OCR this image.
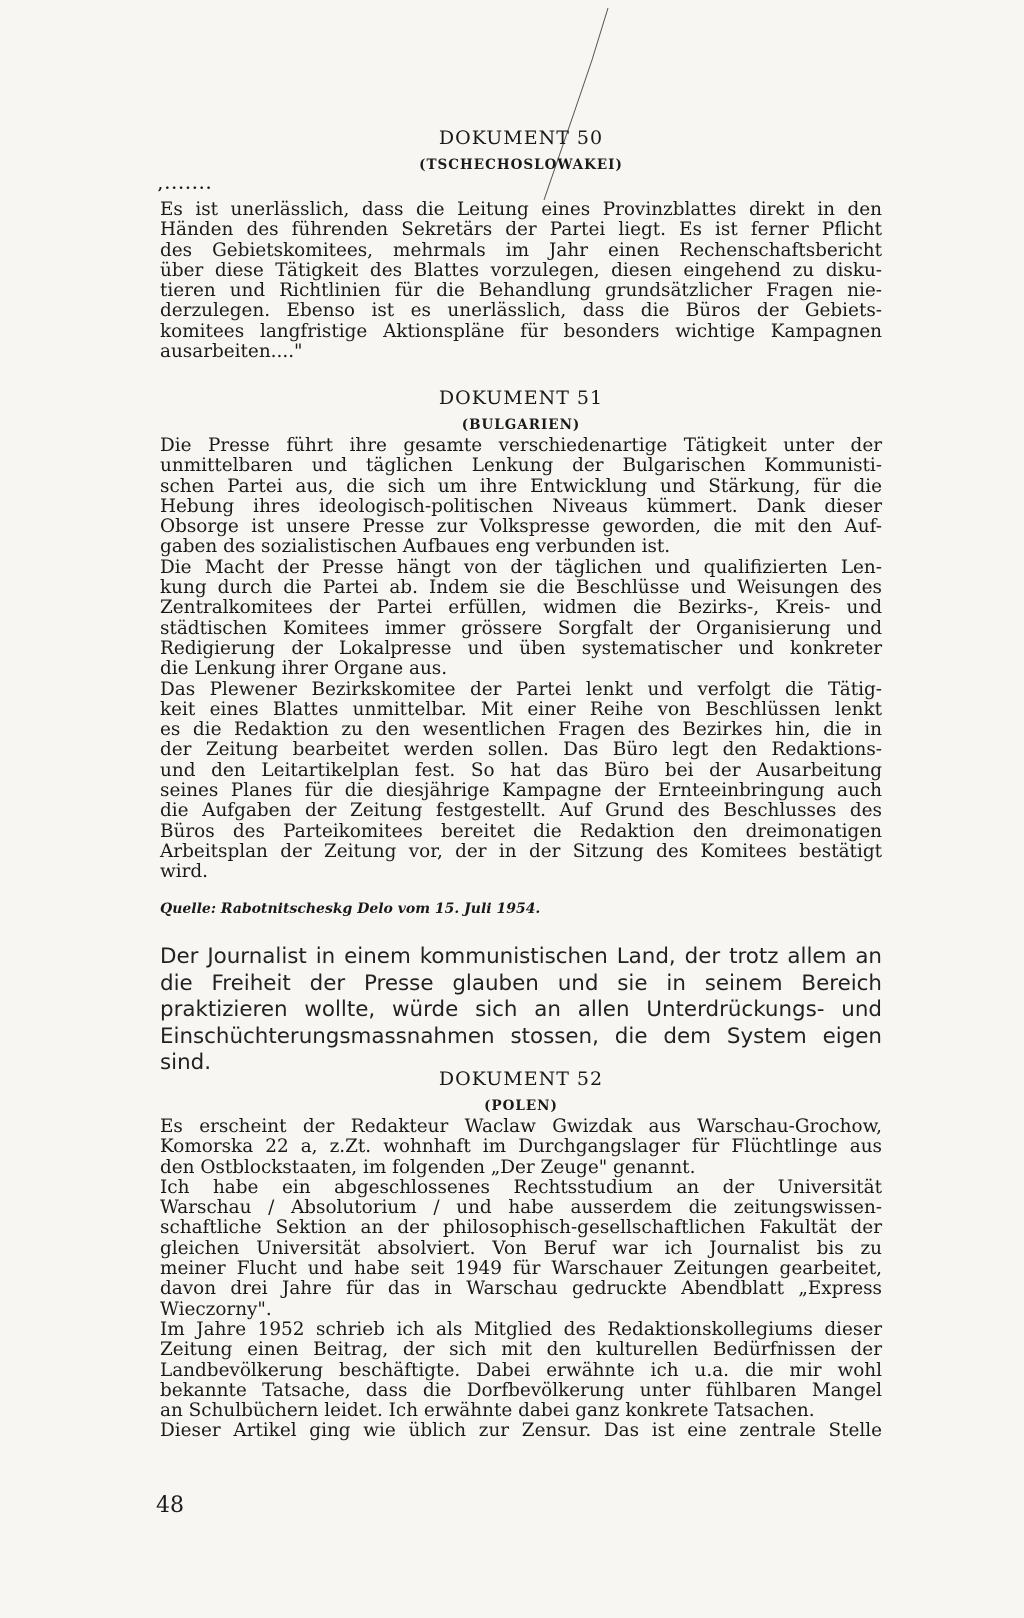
DOKUMENT 50
(TSCHECHOSLOWAKEI)
,.......
Es ist unerlässlich, dass die Leitung eines Provinzblattes direkt in den
Händen des führenden Sekretärs der Partei liegt. Es ist ferner Pflicht
des Gebietskomitees, mehrmals im Jahr einen Rechenschaftsbericht
über diese Tätigkeit des Blattes vorzulegen, diesen eingehend zu disku-
tieren und Richtlinien für die Behandlung grundsätzlicher Fragen nie-
derzulegen. Ebenso ist es unerlässlich, dass die Büros der Gebiets-
komitees langfristige Aktionspläne für besonders wichtige Kampagnen
ausarbeiten...."
DOKUMENT 51
(BULGARIEN)
Die Presse führt ihre gesamte verschiedenartige Tätigkeit unter der
unmittelbaren und täglichen Lenkung der Bulgarischen Kommunisti-
schen Partei aus, die sich um ihre Entwicklung und Stärkung, für die
Hebung ihres ideologisch-politischen Niveaus kümmert. Dank dieser
Obsorge ist unsere Presse zur Volkspresse geworden, die mit den Auf-
gaben des sozialistischen Aufbaues eng verbunden ist.
Die Macht der Presse hängt von der täglichen und qualifizierten Len-
kung durch die Partei ab. Indem sie die Beschlüsse und Weisungen des
Zentralkomitees der Partei erfüllen, widmen die Bezirks-, Kreis- und
städtischen Komitees immer grössere Sorgfalt der Organisierung und
Redigierung der Lokalpresse und üben systematischer und konkreter
die Lenkung ihrer Organe aus.
Das Plewener Bezirkskomitee der Partei lenkt und verfolgt die Tätig-
keit eines Blattes unmittelbar. Mit einer Reihe von Beschlüssen lenkt
es die Redaktion zu den wesentlichen Fragen des Bezirkes hin, die in
der Zeitung bearbeitet werden sollen. Das Büro legt den Redaktions-
und den Leitartikelplan fest. So hat das Büro bei der Ausarbeitung
seines Planes für die diesjährige Kampagne der Ernteeinbringung auch
die Aufgaben der Zeitung festgestellt. Auf Grund des Beschlusses des
Büros des Parteikomitees bereitet die Redaktion den dreimonatigen
Arbeitsplan der Zeitung vor, der in der Sitzung des Komitees bestätigt
wird.
Quelle: Rabotnitscheskg Delo vom 15. Juli 1954.

Der Journalist in einem kommunistischen Land, der trotz allem an die Freiheit der Presse glauben und sie in seinem Bereich praktizieren wollte, würde sich an allen Unterdrückungs- und Einschüchterungsmassnahmen stossen, die dem System eigen sind.

DOKUMENT 52
(POLEN)
Es erscheint der Redakteur Waclaw Gwizdak aus Warschau-Grochow,
Komorska 22 a, z.Zt. wohnhaft im Durchgangslager für Flüchtlinge aus
den Ostblockstaaten, im folgenden „Der Zeuge" genannt.
Ich habe ein abgeschlossenes Rechtsstudium an der Universität
Warschau / Absolutorium / und habe ausserdem die zeitungswissen-
schaftliche Sektion an der philosophisch-gesellschaftlichen Fakultät der
gleichen Universität absolviert. Von Beruf war ich Journalist bis zu
meiner Flucht und habe seit 1949 für Warschauer Zeitungen gearbeitet,
davon drei Jahre für das in Warschau gedruckte Abendblatt „Express
Wieczorny".
Im Jahre 1952 schrieb ich als Mitglied des Redaktionskollegiums dieser
Zeitung einen Beitrag, der sich mit den kulturellen Bedürfnissen der
Landbevölkerung beschäftigte. Dabei erwähnte ich u.a. die mir wohl
bekannte Tatsache, dass die Dorfbevölkerung unter fühlbaren Mangel
an Schulbüchern leidet. Ich erwähnte dabei ganz konkrete Tatsachen.
Dieser Artikel ging wie üblich zur Zensur. Das ist eine zentrale Stelle
48
